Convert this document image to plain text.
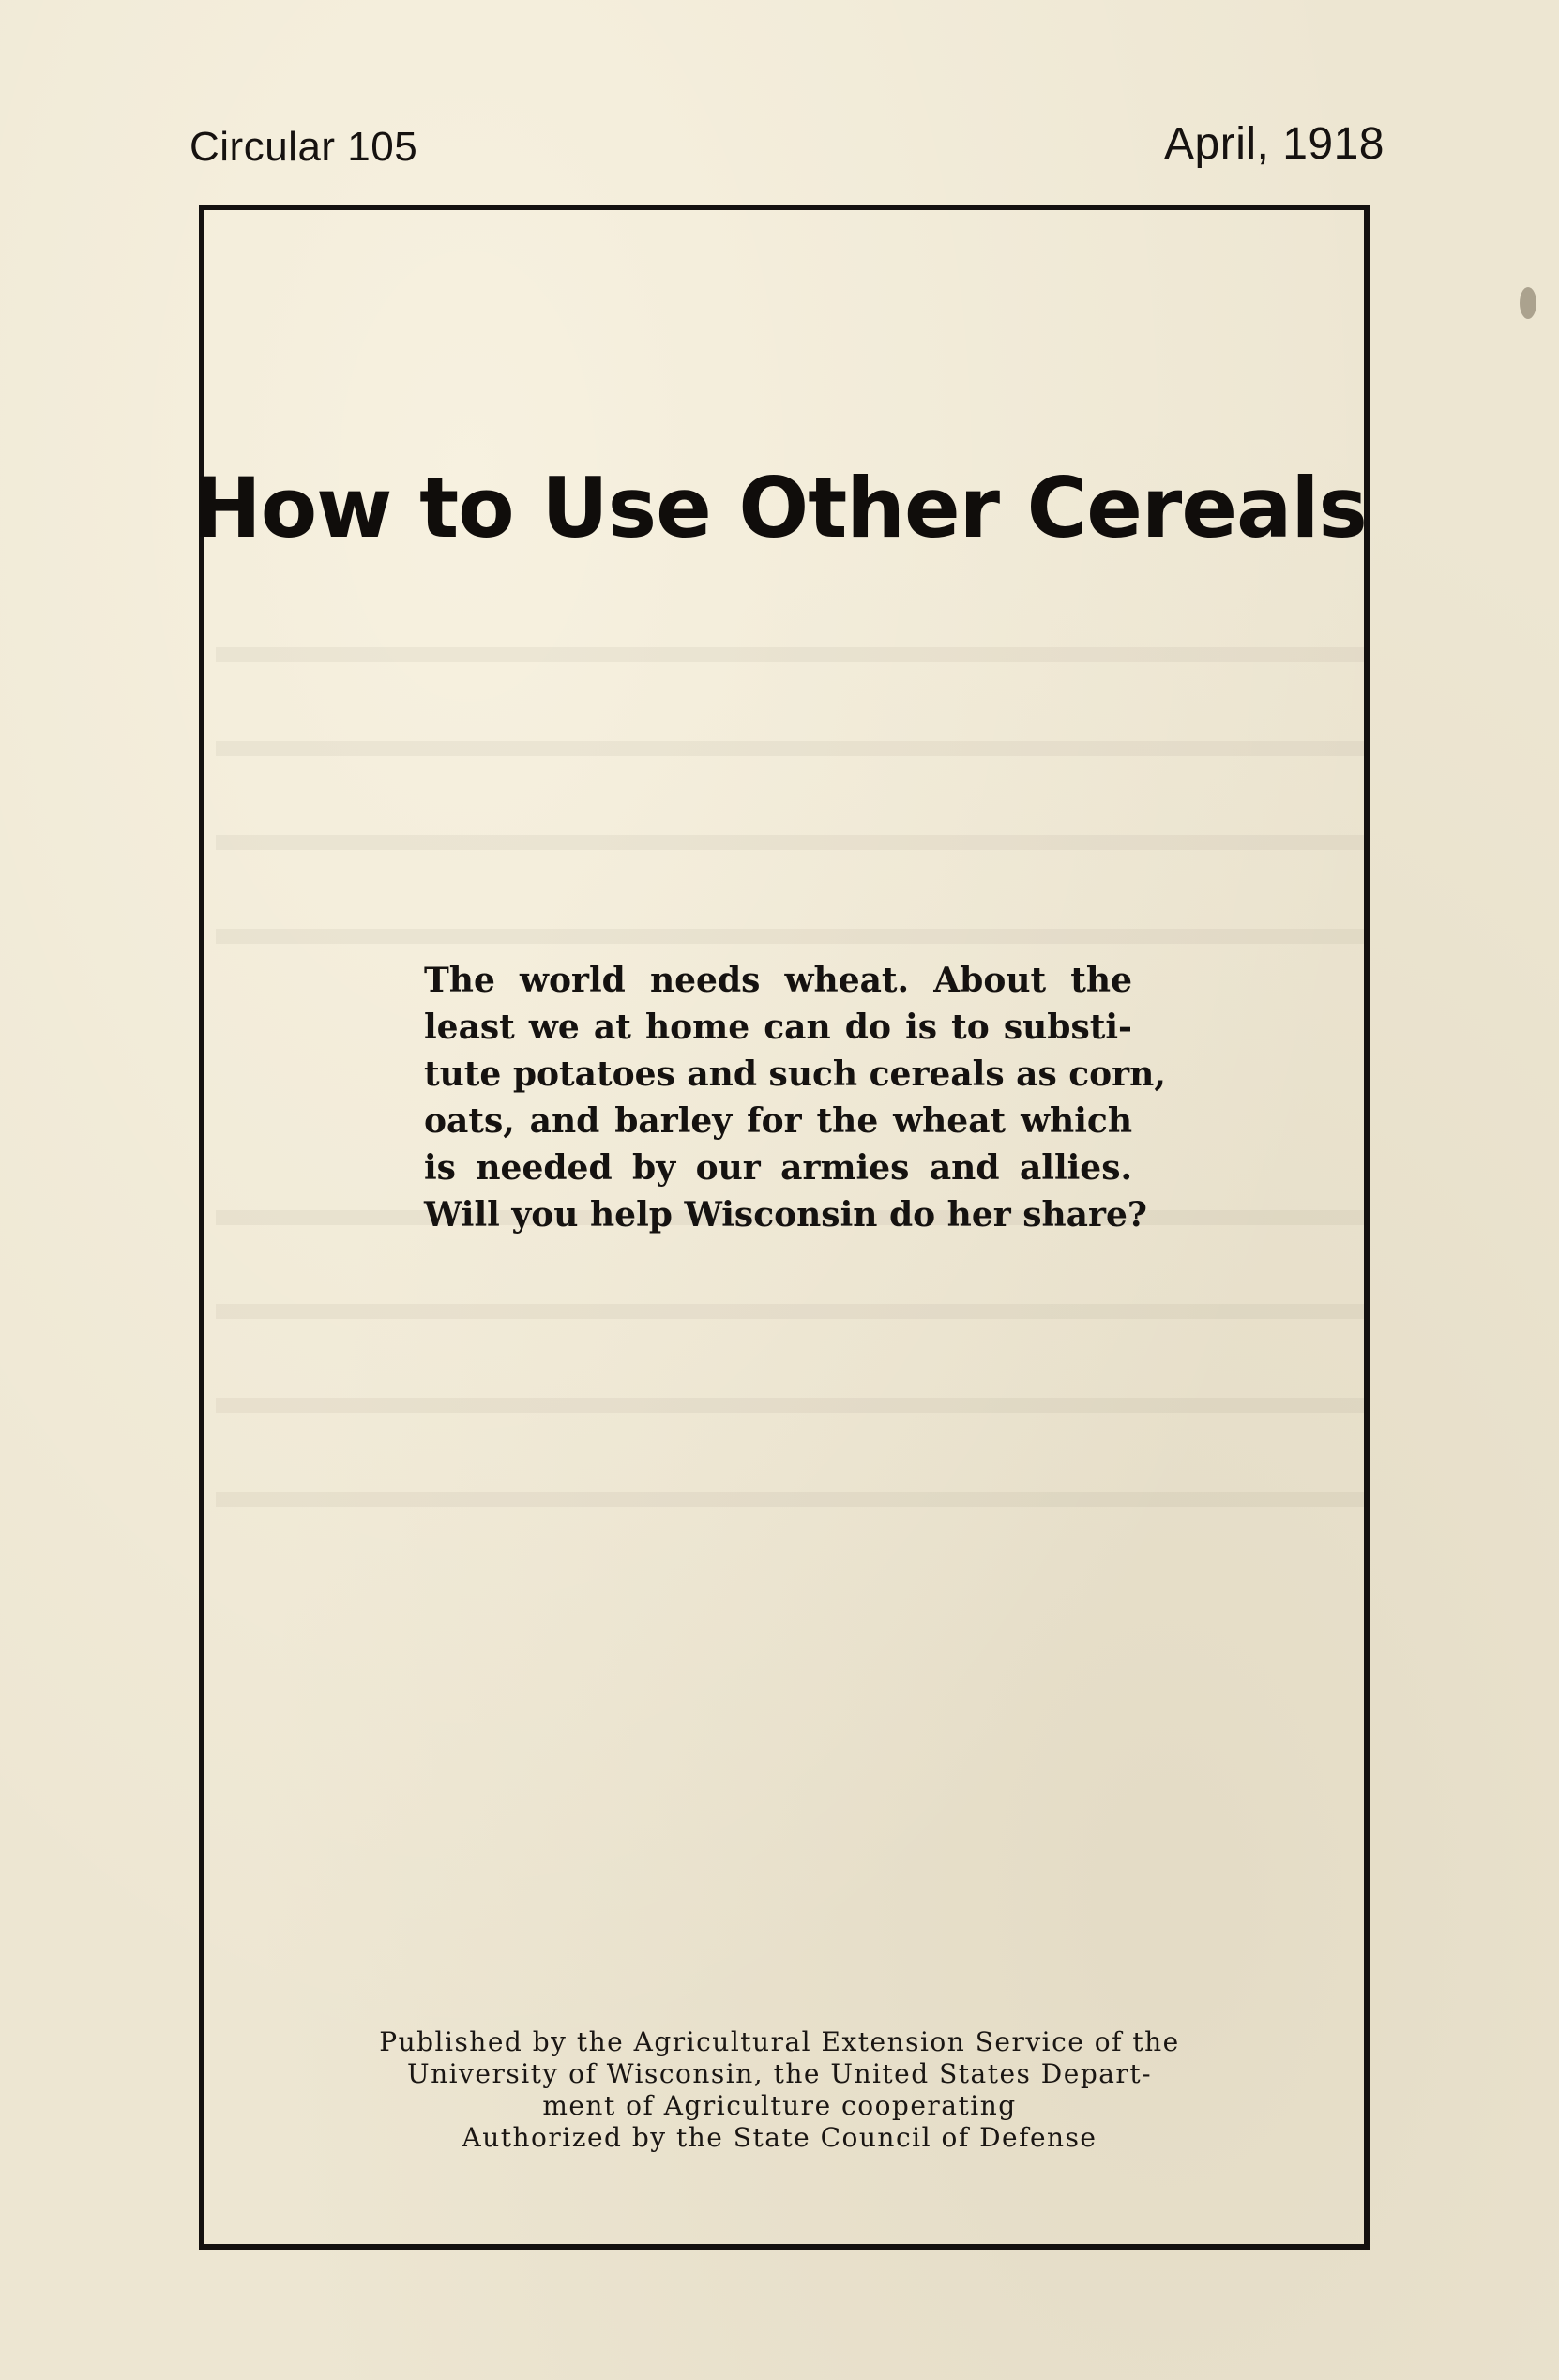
Circular 105	April, 1918
How to Use Other Cereals
The world needs wheat. About the
least we at home can do is to substi-
tute potatoes and such cereals as corn,
oats, and barley for the wheat which
is needed by our armies and allies.
Will you help Wisconsin do her share?
Published by the Agricultural Extension Service of the
University of Wisconsin, the United States Depart-
ment of Agriculture cooperating
Authorized by the State Council of Defense
